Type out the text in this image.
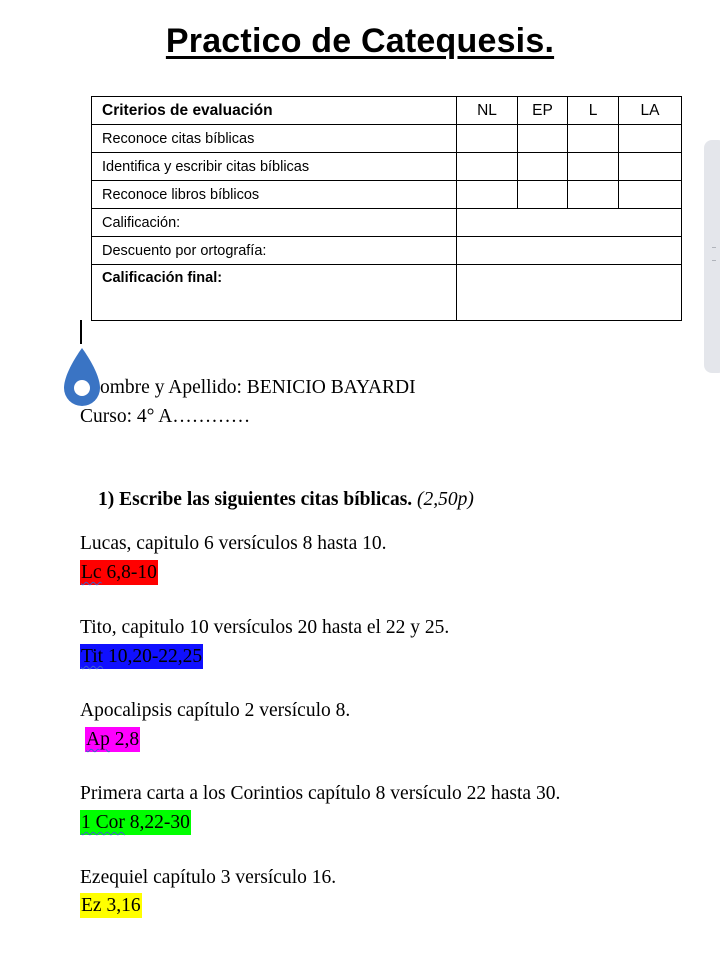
Practico de Catequesis.
Criterios de evaluación	NL	EP	L	LA
Reconoce citas bíblicas				
Identifica y escribir citas bíblicas				
Reconoce libros bíblicos				
Calificación:				
Descuento por ortografía:				
Calificación final:				
ombre y Apellido: BENICIO BAYARDI
Curso: 4° A…………
1) Escribe las siguientes citas bíblicas. (2,50p)
Lucas, capitulo 6 versículos 8 hasta 10.
Lc 6,8-10
Tito, capitulo 10 versículos 20 hasta el 22 y 25.
Tit 10,20-22,25
Apocalipsis capítulo 2 versículo 8.
Ap 2,8
Primera carta a los Corintios capítulo 8 versículo 22 hasta 30.
1 Cor 8,22-30
Ezequiel capítulo 3 versículo 16.
Ez 3,16
